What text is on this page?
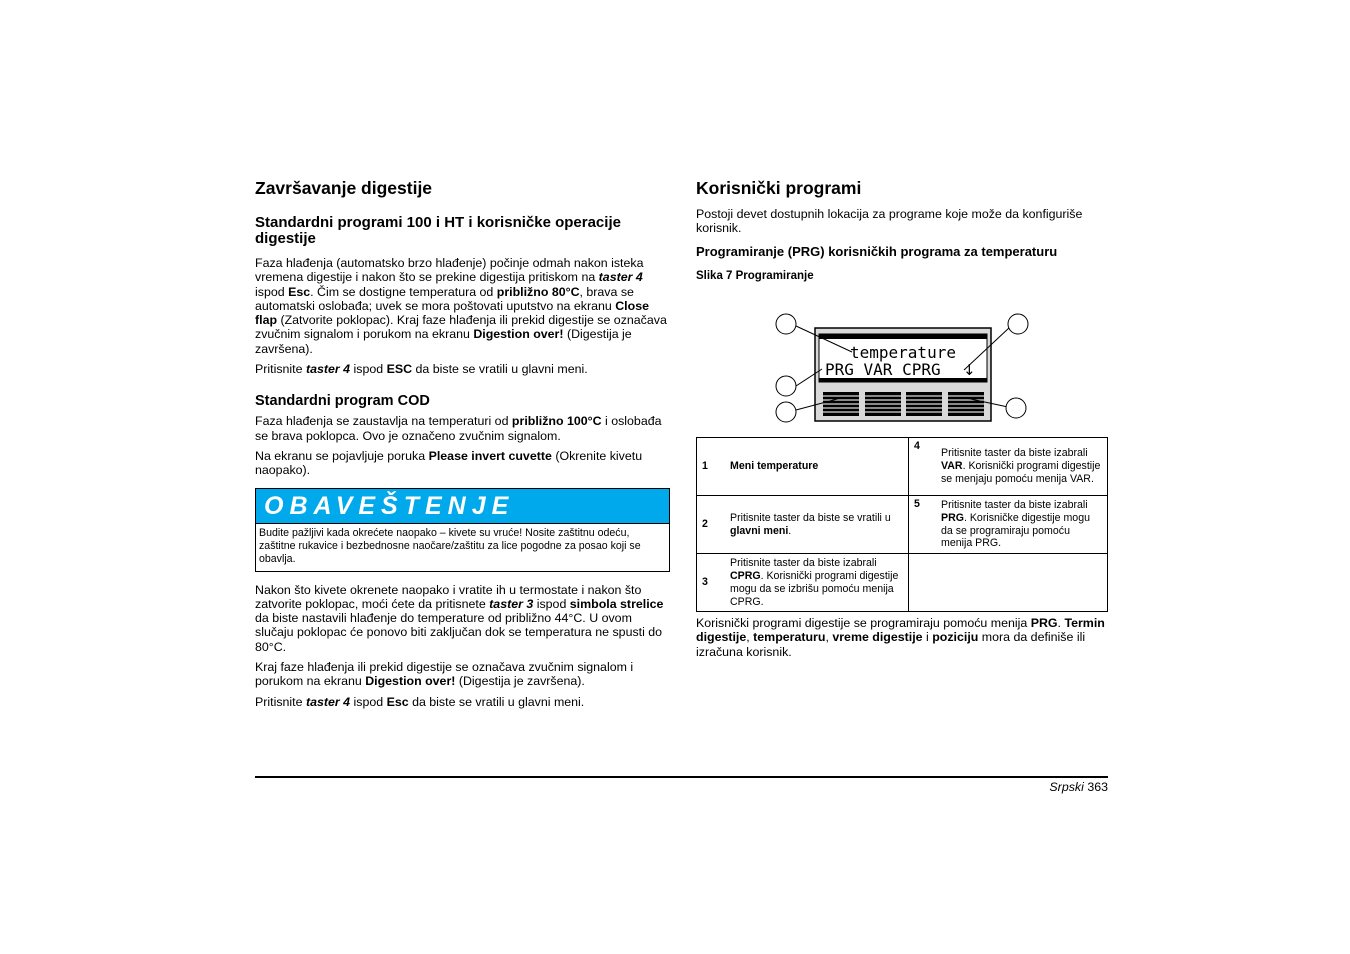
Završavanje digestije
Standardni programi 100 i HT i korisničke operacije digestije

Faza hlađenja (automatsko brzo hlađenje) počinje odmah nakon isteka vremena digestije i nakon što se prekine digestija pritiskom na taster 4 ispod Esc. Čim se dostigne temperatura od približno 80°C, brava se automatski oslobađa; uvek se mora poštovati uputstvo na ekranu Close flap (Zatvorite poklopac). Kraj faze hlađenja ili prekid digestije se označava zvučnim signalom i porukom na ekranu Digestion over! (Digestija je završena).

Pritisnite taster 4 ispod ESC da biste se vratili u glavni meni.

Standardni program COD

Faza hlađenja se zaustavlja na temperaturi od približno 100°C i oslobađa se brava poklopca. Ovo je označeno zvučnim signalom.

Na ekranu se pojavljuje poruka Please invert cuvette (Okrenite kivetu naopako).

OBAVEŠTENJE
Budite pažljivi kada okrećete naopako – kivete su vruće! Nosite zaštitnu odeću, zaštitne rukavice i bezbednosne naočare/zaštitu za lice pogodne za posao koji se obavlja.

Nakon što kivete okrenete naopako i vratite ih u termostate i nakon što zatvorite poklopac, moći ćete da pritisnete taster 3 ispod simbola strelice da biste nastavili hlađenje do temperature od približno 44°C. U ovom slučaju poklopac će ponovo biti zaključan dok se temperatura ne spusti do 80°C.

Kraj faze hlađenja ili prekid digestije se označava zvučnim signalom i porukom na ekranu Digestion over! (Digestija je završena).

Pritisnite taster 4 ispod Esc da biste se vratili u glavni meni.

Korisnički programi

Postoji devet dostupnih lokacija za programe koje može da konfiguriše korisnik.

Programiranje (PRG) korisničkih programa za temperaturu
Slika 7 Programiranje
temperature
PRG VAR CPRG ↓
1	Meni temperature	4	Pritisnite taster da biste izabrali VAR. Korisnički programi digestije se menjaju pomoću menija VAR.
2	Pritisnite taster da biste se vratili u glavni meni.	5	Pritisnite taster da biste izabrali PRG. Korisničke digestije mogu da se programiraju pomoću menija PRG.
3	Pritisnite taster da biste izabrali CPRG. Korisnički programi digestije mogu da se izbrišu pomoću menija CPRG.		

Korisnički programi digestije se programiraju pomoću menija PRG. Termin digestije, temperaturu, vreme digestije i poziciju mora da definiše ili izračuna korisnik.

Srpski 363
